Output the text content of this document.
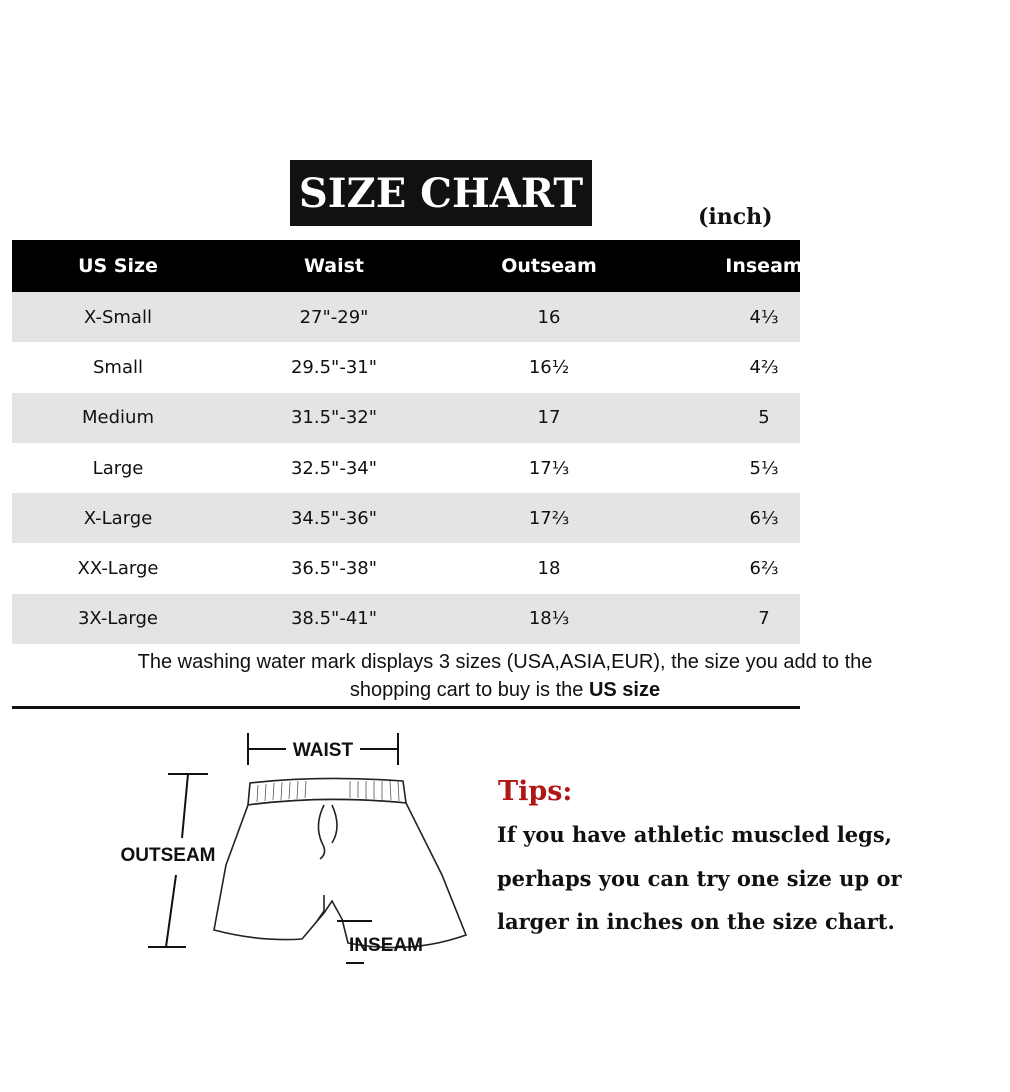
SIZE CHART
(inch)
US Size	Waist	Outseam	Inseam
X-Small	27"-29"	16	4⅓
Small	29.5"-31"	16½	4⅔
Medium	31.5"-32"	17	5
Large	32.5"-34"	17⅓	5⅓
X-Large	34.5"-36"	17⅔	6⅓
XX-Large	36.5"-38"	18	6⅔
3X-Large	38.5"-41"	18⅓	7
The washing water mark displays 3 sizes (USA,ASIA,EUR), the size you add to the
shopping cart to buy is the US size
WAIST
OUTSEAM
INSEAM
Tips:
If you have athletic muscled legs,
perhaps you can try one size up or
larger in inches on the size chart.
